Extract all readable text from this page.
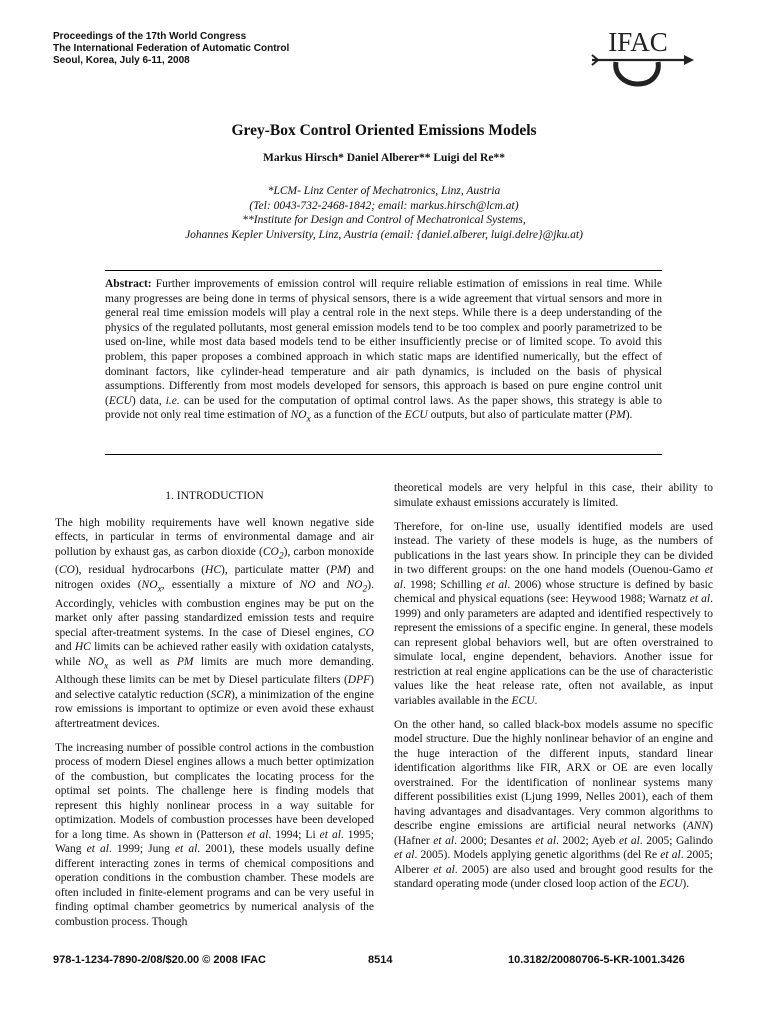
Proceedings of the 17th World Congress
The International Federation of Automatic Control
Seoul, Korea, July 6-11, 2008
IFAC
Grey-Box Control Oriented Emissions Models
Markus Hirsch* Daniel Alberer** Luigi del Re**
*LCM- Linz Center of Mechatronics, Linz, Austria
(Tel: 0043-732-2468-1842; email: markus.hirsch@lcm.at)
**Institute for Design and Control of Mechatronical Systems,
Johannes Kepler University, Linz, Austria (email: {daniel.alberer, luigi.delre}@jku.at)
Abstract: Further improvements of emission control will require reliable estimation of emissions in real time. While many progresses are being done in terms of physical sensors, there is a wide agreement that virtual sensors and more in general real time emission models will play a central role in the next steps. While there is a deep understanding of the physics of the regulated pollutants, most general emission models tend to be too complex and poorly parametrized to be used on-line, while most data based models tend to be either insufficiently precise or of limited scope. To avoid this problem, this paper proposes a combined approach in which static maps are identified numerically, but the effect of dominant factors, like cylinder-head temperature and air path dynamics, is included on the basis of physical assumptions. Differently from most models developed for sensors, this approach is based on pure engine control unit (ECU) data, i.e. can be used for the computation of optimal control laws. As the paper shows, this strategy is able to provide not only real time estimation of $NO_x$ as a function of the ECU outputs, but also of particulate matter (PM).
1. INTRODUCTION

The high mobility requirements have well known negative side effects, in particular in terms of environmental damage and air pollution by exhaust gas, as carbon dioxide $(CO_2)$, carbon monoxide (CO), residual hydrocarbons (HC), particulate matter (PM) and nitrogen oxides ($NO_x$, essentially a mixture of NO and $NO_2$). Accordingly, vehicles with combustion engines may be put on the market only after passing standardized emission tests and require special after-treatment systems. In the case of Diesel engines, CO and HC limits can be achieved rather easily with oxidation catalysts, while $NO_x$ as well as PM limits are much more demanding. Although these limits can be met by Diesel particulate filters (DPF) and selective catalytic reduction (SCR), a minimization of the engine row emissions is important to optimize or even avoid these exhaust aftertreatment devices.

The increasing number of possible control actions in the combustion process of modern Diesel engines allows a much better optimization of the combustion, but complicates the locating process for the optimal set points. The challenge here is finding models that represent this highly nonlinear process in a way suitable for optimization. Models of combustion processes have been developed for a long time. As shown in (Patterson et al. 1994; Li et al. 1995; Wang et al. 1999; Jung et al. 2001), these models usually define different interacting zones in terms of chemical compositions and operation conditions in the combustion chamber. These models are often included in finite-element programs and can be very useful in finding optimal chamber geometrics by numerical analysis of the combustion process. Though

theoretical models are very helpful in this case, their ability to simulate exhaust emissions accurately is limited.

Therefore, for on-line use, usually identified models are used instead. The variety of these models is huge, as the numbers of publications in the last years show. In principle they can be divided in two different groups: on the one hand models (Ouenou-Gamo et al. 1998; Schilling et al. 2006) whose structure is defined by basic chemical and physical equations (see: Heywood 1988; Warnatz et al. 1999) and only parameters are adapted and identified respectively to represent the emissions of a specific engine. In general, these models can represent global behaviors well, but are often overstrained to simulate local, engine dependent, behaviors. Another issue for restriction at real engine applications can be the use of characteristic values like the heat release rate, often not available, as input variables available in the ECU.

On the other hand, so called black-box models assume no specific model structure. Due the highly nonlinear behavior of an engine and the huge interaction of the different inputs, standard linear identification algorithms like FIR, ARX or OE are even locally overstrained. For the identification of nonlinear systems many different possibilities exist (Ljung 1999, Nelles 2001), each of them having advantages and disadvantages. Very common algorithms to describe engine emissions are artificial neural networks (ANN) (Hafner et al. 2000; Desantes et al. 2002; Ayeb et al. 2005; Galindo et al. 2005). Models applying genetic algorithms (del Re et al. 2005; Alberer et al. 2005) are also used and brought good results for the standard operating mode (under closed loop action of the ECU).

978-1-1234-7890-2/08/$20.00 © 2008 IFAC	8514	10.3182/20080706-5-KR-1001.3426
